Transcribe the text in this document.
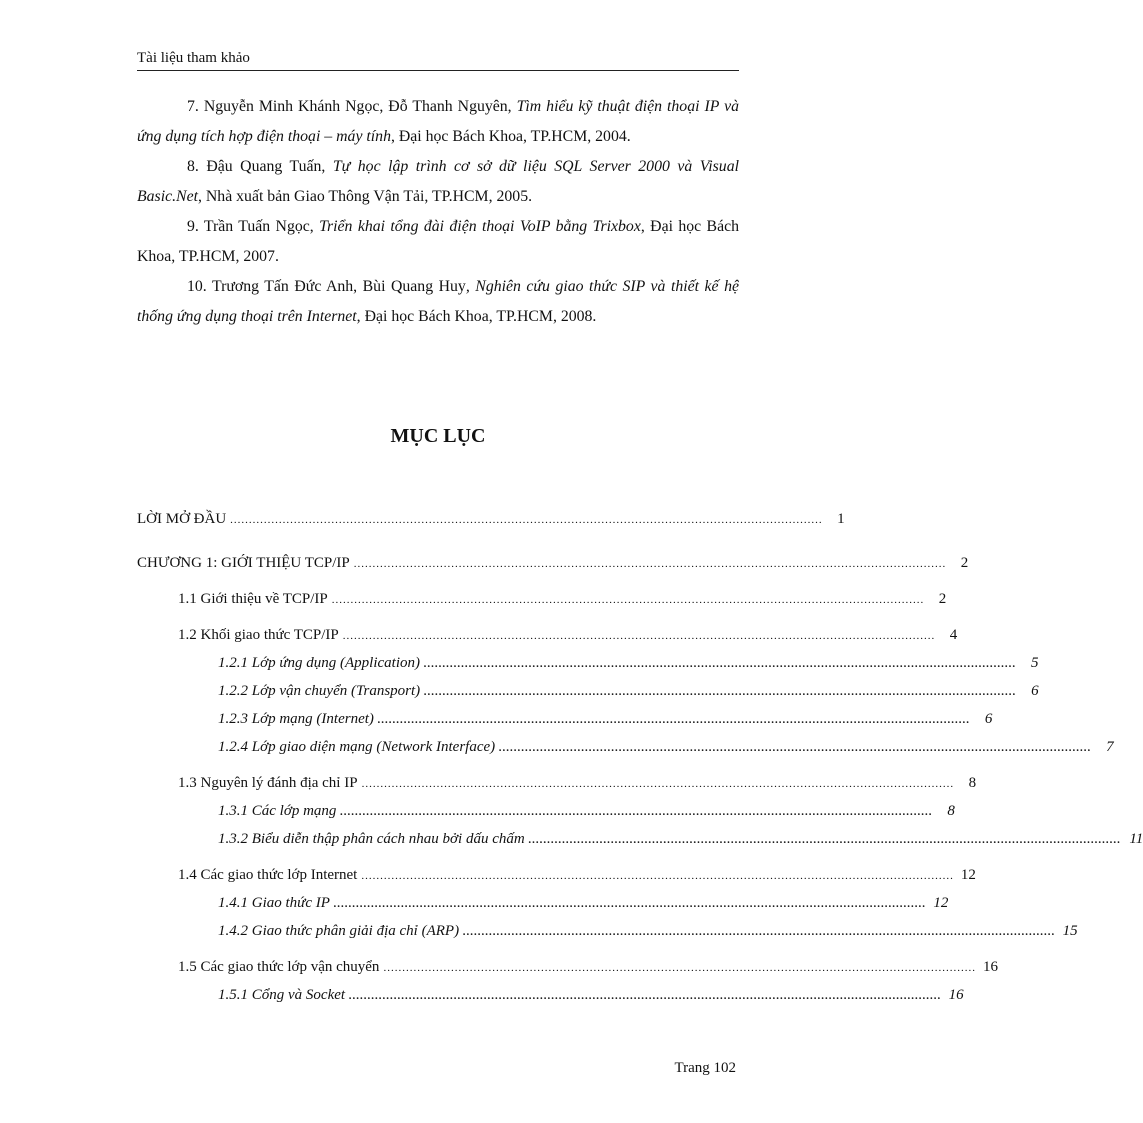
Tài liệu tham khảo

7. Nguyễn Minh Khánh Ngọc, Đỗ Thanh Nguyên, Tìm hiểu kỹ thuật điện thoại IP và ứng dụng tích hợp điện thoại – máy tính, Đại học Bách Khoa, TP.HCM, 2004.

8. Đậu Quang Tuấn, Tự học lập trình cơ sở dữ liệu SQL Server 2000 và Visual Basic.Net, Nhà xuất bản Giao Thông Vận Tải, TP.HCM, 2005.

9. Trần Tuấn Ngọc, Triển khai tổng đài điện thoại VoIP bằng Trixbox, Đại học Bách Khoa, TP.HCM, 2007.

10. Trương Tấn Đức Anh, Bùi Quang Huy, Nghiên cứu giao thức SIP và thiết kế hệ thống ứng dụng thoại trên Internet, Đại học Bách Khoa, TP.HCM, 2008.

MỤC LỤC
LỜI MỞ ĐẦU .............................................................................................................................................................. 1
CHƯƠNG 1: GIỚI THIỆU TCP/IP .............................................................................................................................................................. 2
1.1 Giới thiệu về TCP/IP .............................................................................................................................................................. 2
1.2 Khối giao thức TCP/IP .............................................................................................................................................................. 4
1.2.1 Lớp ứng dụng (Application) .............................................................................................................................................................. 5
1.2.2 Lớp vận chuyển (Transport) .............................................................................................................................................................. 6
1.2.3 Lớp mạng (Internet) .............................................................................................................................................................. 6
1.2.4 Lớp giao diện mạng (Network Interface) .............................................................................................................................................................. 7
1.3 Nguyên lý đánh địa chỉ IP .............................................................................................................................................................. 8
1.3.1 Các lớp mạng .............................................................................................................................................................. 8
1.3.2 Biểu diễn thập phân cách nhau bởi dấu chấm .............................................................................................................................................................. 11
1.4 Các giao thức lớp Internet .............................................................................................................................................................. 12
1.4.1 Giao thức IP .............................................................................................................................................................. 12
1.4.2 Giao thức phân giải địa chỉ (ARP) .............................................................................................................................................................. 15
1.5 Các giao thức lớp vận chuyển .............................................................................................................................................................. 16
1.5.1 Cổng và Socket .............................................................................................................................................................. 16
Trang 102
